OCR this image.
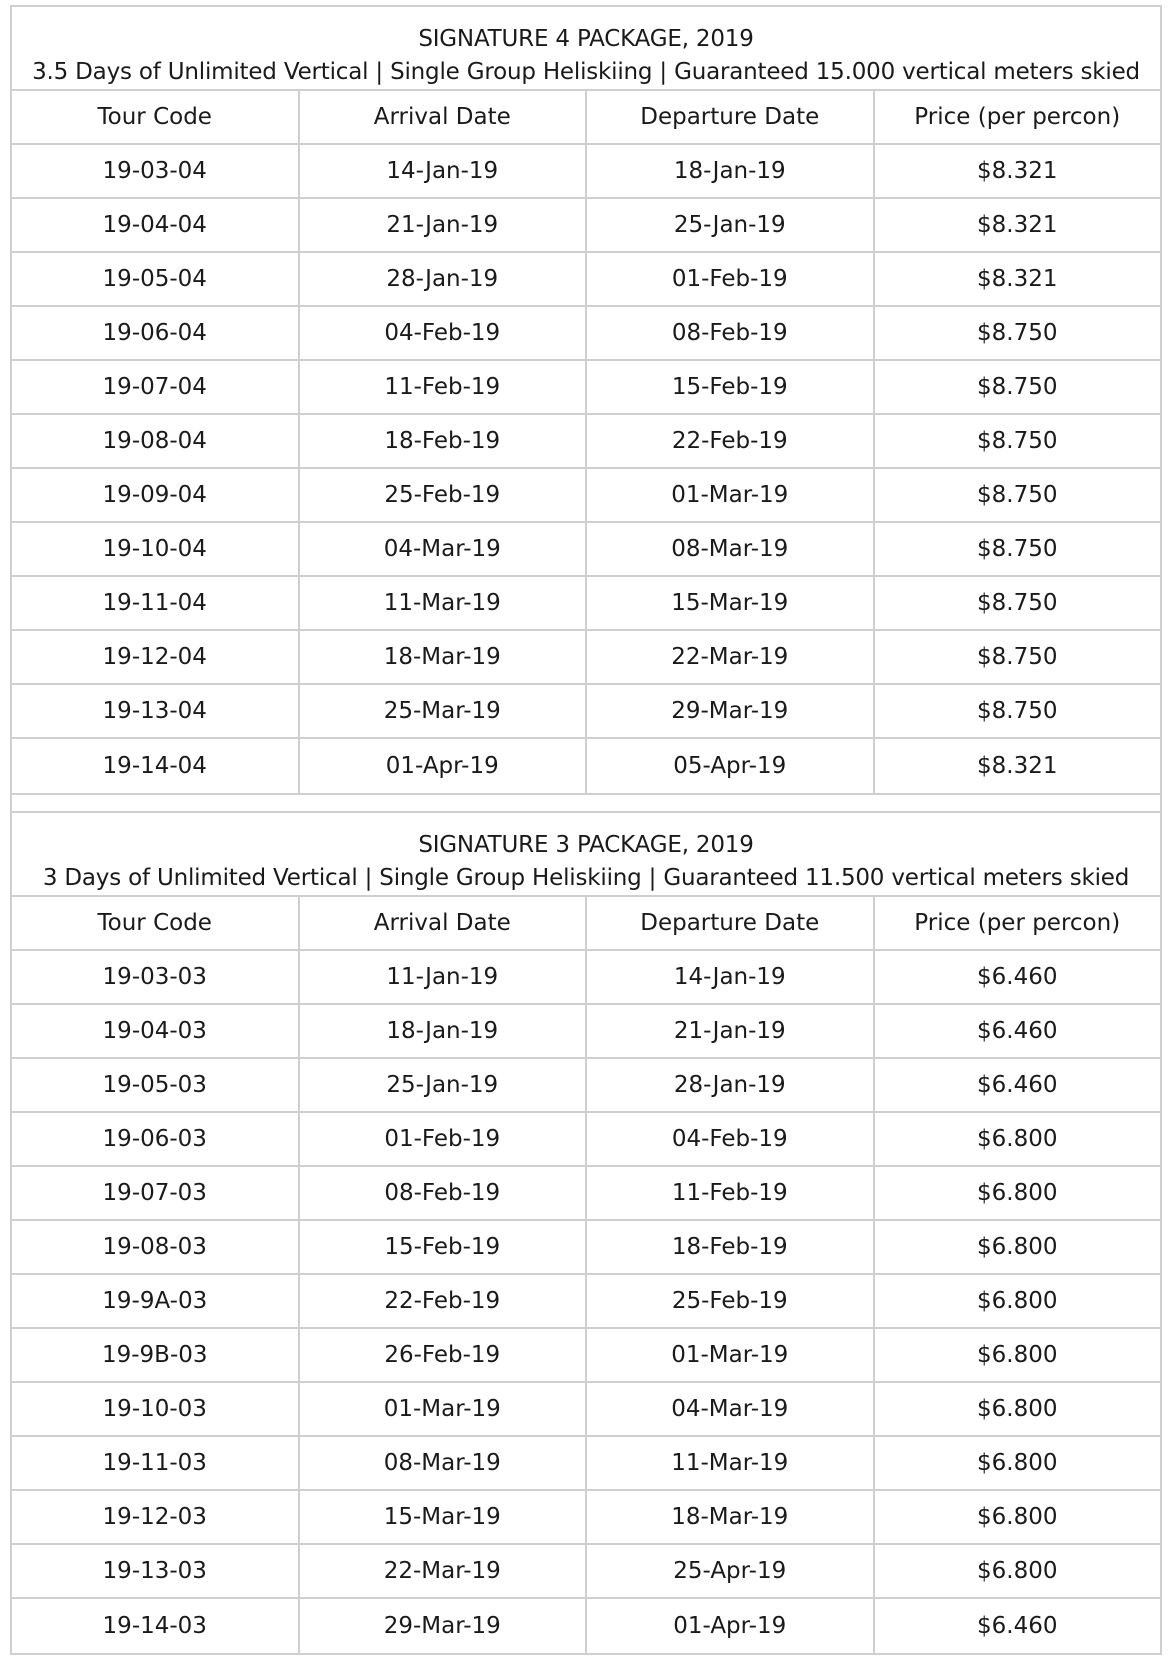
SIGNATURE 4 PACKAGE, 2019
3.5 Days of Unlimited Vertical | Single Group Heliskiing | Guaranteed 15.000 vertical meters skied
Tour Code	Arrival Date	Departure Date	Price (per percon)
19-03-04	14-Jan-19	18-Jan-19	$8.321
19-04-04	21-Jan-19	25-Jan-19	$8.321
19-05-04	28-Jan-19	01-Feb-19	$8.321
19-06-04	04-Feb-19	08-Feb-19	$8.750
19-07-04	11-Feb-19	15-Feb-19	$8.750
19-08-04	18-Feb-19	22-Feb-19	$8.750
19-09-04	25-Feb-19	01-Mar-19	$8.750
19-10-04	04-Mar-19	08-Mar-19	$8.750
19-11-04	11-Mar-19	15-Mar-19	$8.750
19-12-04	18-Mar-19	22-Mar-19	$8.750
19-13-04	25-Mar-19	29-Mar-19	$8.750
19-14-04	01-Apr-19	05-Apr-19	$8.321
SIGNATURE 3 PACKAGE, 2019
3 Days of Unlimited Vertical | Single Group Heliskiing | Guaranteed 11.500 vertical meters skied
Tour Code	Arrival Date	Departure Date	Price (per percon)
19-03-03	11-Jan-19	14-Jan-19	$6.460
19-04-03	18-Jan-19	21-Jan-19	$6.460
19-05-03	25-Jan-19	28-Jan-19	$6.460
19-06-03	01-Feb-19	04-Feb-19	$6.800
19-07-03	08-Feb-19	11-Feb-19	$6.800
19-08-03	15-Feb-19	18-Feb-19	$6.800
19-9A-03	22-Feb-19	25-Feb-19	$6.800
19-9B-03	26-Feb-19	01-Mar-19	$6.800
19-10-03	01-Mar-19	04-Mar-19	$6.800
19-11-03	08-Mar-19	11-Mar-19	$6.800
19-12-03	15-Mar-19	18-Mar-19	$6.800
19-13-03	22-Mar-19	25-Apr-19	$6.800
19-14-03	29-Mar-19	01-Apr-19	$6.460
